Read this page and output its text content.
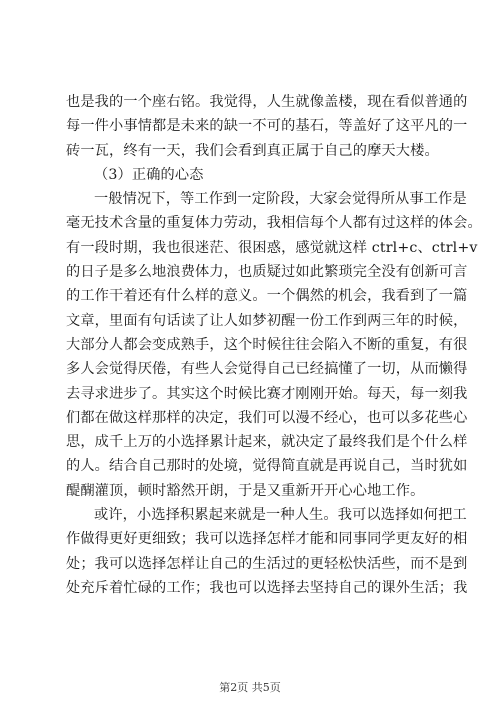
也是我的一个座右铭。我觉得，人生就像盖楼，现在看似普通的
每一件小事情都是未来的缺一不可的基石，等盖好了这平凡的一
砖一瓦，终有一天，我们会看到真正属于自己的摩天大楼。
（3）正确的心态
一般情况下，等工作到一定阶段，大家会觉得所从事工作是
毫无技术含量的重复体力劳动，我相信每个人都有过这样的体会。
有一段时期，我也很迷茫、很困惑，感觉就这样 ctrl+c、ctrl+v
的日子是多么地浪费体力，也质疑过如此繁琐完全没有创新可言
的工作干着还有什么样的意义。一个偶然的机会，我看到了一篇
文章，里面有句话读了让人如梦初醒一份工作到两三年的时候，
大部分人都会变成熟手，这个时候往往会陷入不断的重复，有很
多人会觉得厌倦，有些人会觉得自己已经搞懂了一切，从而懒得
去寻求进步了。其实这个时候比赛才刚刚开始。每天，每一刻我
们都在做这样那样的决定，我们可以漫不经心，也可以多花些心
思，成千上万的小选择累计起来，就决定了最终我们是个什么样
的人。结合自己那时的处境，觉得简直就是再说自己，当时犹如
醍醐灌顶，顿时豁然开朗，于是又重新开开心心地工作。
或许，小选择积累起来就是一种人生。我可以选择如何把工
作做得更好更细致；我可以选择怎样才能和同事同学更友好的相
处；我可以选择怎样让自己的生活过的更轻松快活些，而不是到
处充斥着忙碌的工作；我也可以选择去坚持自己的课外生活；我
第2页 共5页
